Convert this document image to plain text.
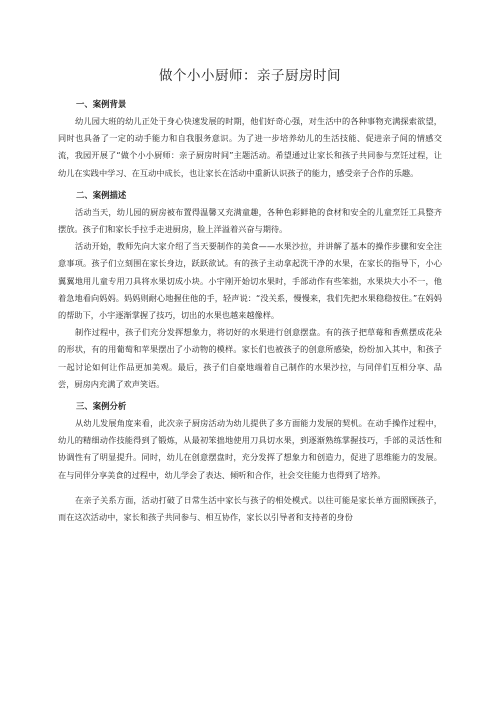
做个小小厨师：亲子厨房时间
一、案例背景

幼儿园大班的幼儿正处于身心快速发展的时期，他们好奇心强，对生活中的各种事物充满探索欲望，同时也具备了一定的动手能力和自我服务意识。为了进一步培养幼儿的生活技能、促进亲子间的情感交流，我园开展了“做个小小厨师：亲子厨房时间”主题活动。希望通过让家长和孩子共同参与烹饪过程，让幼儿在实践中学习、在互动中成长，也让家长在活动中重新认识孩子的能力，感受亲子合作的乐趣。

二、案例描述

活动当天，幼儿园的厨房被布置得温馨又充满童趣，各种色彩鲜艳的食材和安全的儿童烹饪工具整齐摆放。孩子们和家长手拉手走进厨房，脸上洋溢着兴奋与期待。

活动开始，教师先向大家介绍了当天要制作的美食——水果沙拉，并讲解了基本的操作步骤和安全注意事项。孩子们立刻围在家长身边，跃跃欲试。有的孩子主动拿起洗干净的水果，在家长的指导下，小心翼翼地用儿童专用刀具将水果切成小块。小宇刚开始切水果时，手部动作有些笨拙，水果块大小不一，他着急地看向妈妈。妈妈则耐心地握住他的手，轻声说：“没关系，慢慢来，我们先把水果稳稳按住。”在妈妈的帮助下，小宇逐渐掌握了技巧，切出的水果也越来越像样。

制作过程中，孩子们充分发挥想象力，将切好的水果进行创意摆盘。有的孩子把草莓和香蕉摆成花朵的形状，有的用葡萄和苹果摆出了小动物的模样。家长们也被孩子的创意所感染，纷纷加入其中，和孩子一起讨论如何让作品更加美观。最后，孩子们自豪地端着自己制作的水果沙拉，与同伴们互相分享、品尝，厨房内充满了欢声笑语。

三、案例分析

从幼儿发展角度来看，此次亲子厨房活动为幼儿提供了多方面能力发展的契机。在动手操作过程中，幼儿的精细动作技能得到了锻炼，从最初笨拙地使用刀具切水果，到逐渐熟练掌握技巧，手部的灵活性和协调性有了明显提升。同时，幼儿在创意摆盘时，充分发挥了想象力和创造力，促进了思维能力的发展。在与同伴分享美食的过程中，幼儿学会了表达、倾听和合作，社会交往能力也得到了培养。

在亲子关系方面，活动打破了日常生活中家长与孩子的相处模式。以往可能是家长单方面照顾孩子，而在这次活动中，家长和孩子共同参与、相互协作，家长以引导者和支持者的身份
